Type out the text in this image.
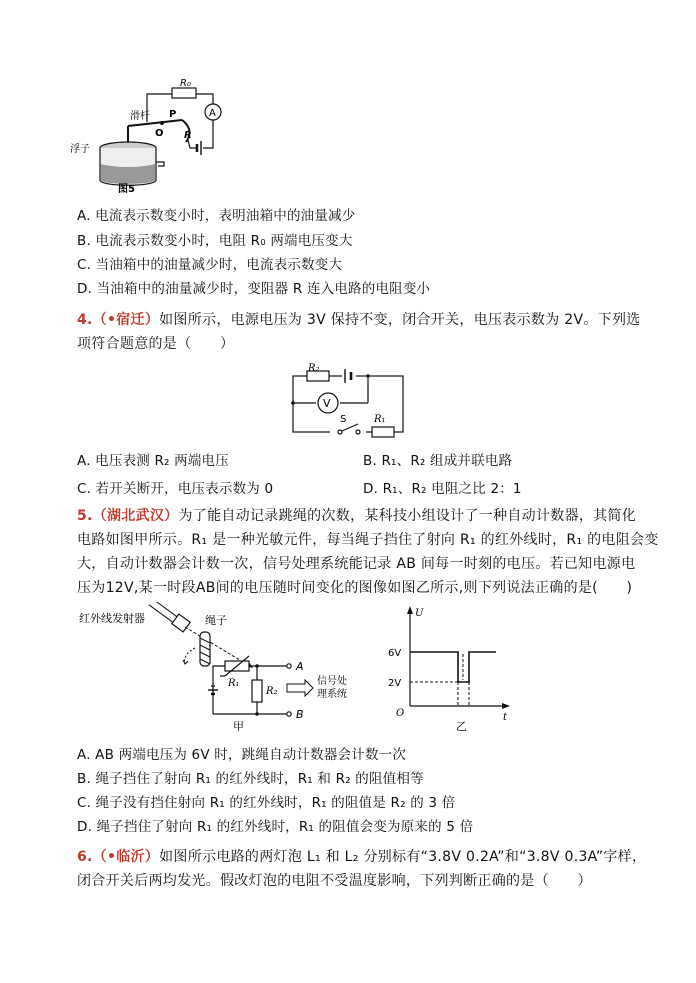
R₀
A
滑杆 P
O R
浮子
图5
A. 电流表示数变小时，表明油箱中的油量减少
B. 电流表示数变小时，电阻 R₀ 两端电压变大
C. 当油箱中的油量减少时，电流表示数变大
D. 当油箱中的油量减少时，变阻器 R 连入电路的电阻变小
4.（•宿迁）如图所示，电源电压为 3V 保持不变，闭合开关，电压表示数为 2V。下列选
项符合题意的是（　　）
R₂
V
S	R₁
A. 电压表测 R₂ 两端电压	B. R₁、R₂ 组成并联电路
C. 若开关断开，电压表示数为 0	D. R₁、R₂ 电阻之比 2：1
5.（湖北武汉）为了能自动记录跳绳的次数，某科技小组设计了一种自动计数器，其简化
电路如图甲所示。R₁ 是一种光敏元件，每当绳子挡住了射向 R₁ 的红外线时，R₁ 的电阻会变
大，自动计数器会计数一次，信号处理系统能记录 AB 间每一时刻的电压。若已知电源电
压为12V,某一时段AB间的电压随时间变化的图像如图乙所示,则下列说法正确的是(　　)
红外线发射器	绳子
R₁
R₂
A
B
信号处
理系统
甲
U
O	t
6V
2V
乙
A. AB 两端电压为 6V 时，跳绳自动计数器会计数一次
B. 绳子挡住了射向 R₁ 的红外线时，R₁ 和 R₂ 的阻值相等
C. 绳子没有挡住射向 R₁ 的红外线时，R₁ 的阻值是 R₂ 的 3 倍
D. 绳子挡住了射向 R₁ 的红外线时，R₁ 的阻值会变为原来的 5 倍
6.（•临沂）如图所示电路的两灯泡 L₁ 和 L₂ 分别标有“3.8V 0.2A”和“3.8V 0.3A”字样，
闭合开关后两均发光。假改灯泡的电阻不受温度影响，下列判断正确的是（　　）
